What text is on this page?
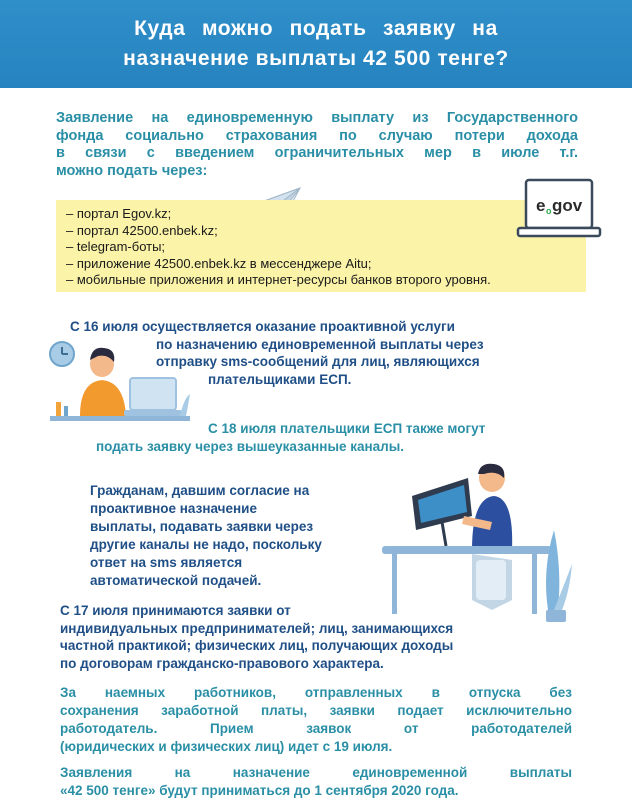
Куда можно подать заявку на
назначение выплаты 42 500 тенге?
Заявление на единовременную выплату из Государственного
фонда социально страхования по случаю потери дохода
в связи с введением ограничительных мер в июле т.г.
можно подать через:
– портал Egov.kz;
– портал 42500.enbek.kz;
– telegram-боты;
– приложение 42500.enbek.kz в мессенджере Aitu;
– мобильные приложения и интернет-ресурсы банков второго уровня.
e o gov
С 16 июля осуществляется оказание проактивной услуги
по назначению единовременной выплаты через
отправку sms-сообщений для лиц, являющихся
плательщиками ЕСП.
С 18 июля плательщики ЕСП также могут
подать заявку через вышеуказанные каналы.
Гражданам, давшим согласие на
проактивное назначение
выплаты, подавать заявки через
другие каналы не надо, поскольку
ответ на sms является
автоматической подачей.
С 17 июля принимаются заявки от
индивидуальных предпринимателей; лиц, занимающихся
частной практикой; физических лиц, получающих доходы
по договорам гражданско-правового характера.
За наемных работников, отправленных в отпуска без
сохранения заработной платы, заявки подает исключительно
работодатель. Прием заявок от работодателей
(юридических и физических лиц) идет с 19 июля.
Заявления на назначение единовременной выплаты
«42 500 тенге» будут приниматься до 1 сентября 2020 года.
